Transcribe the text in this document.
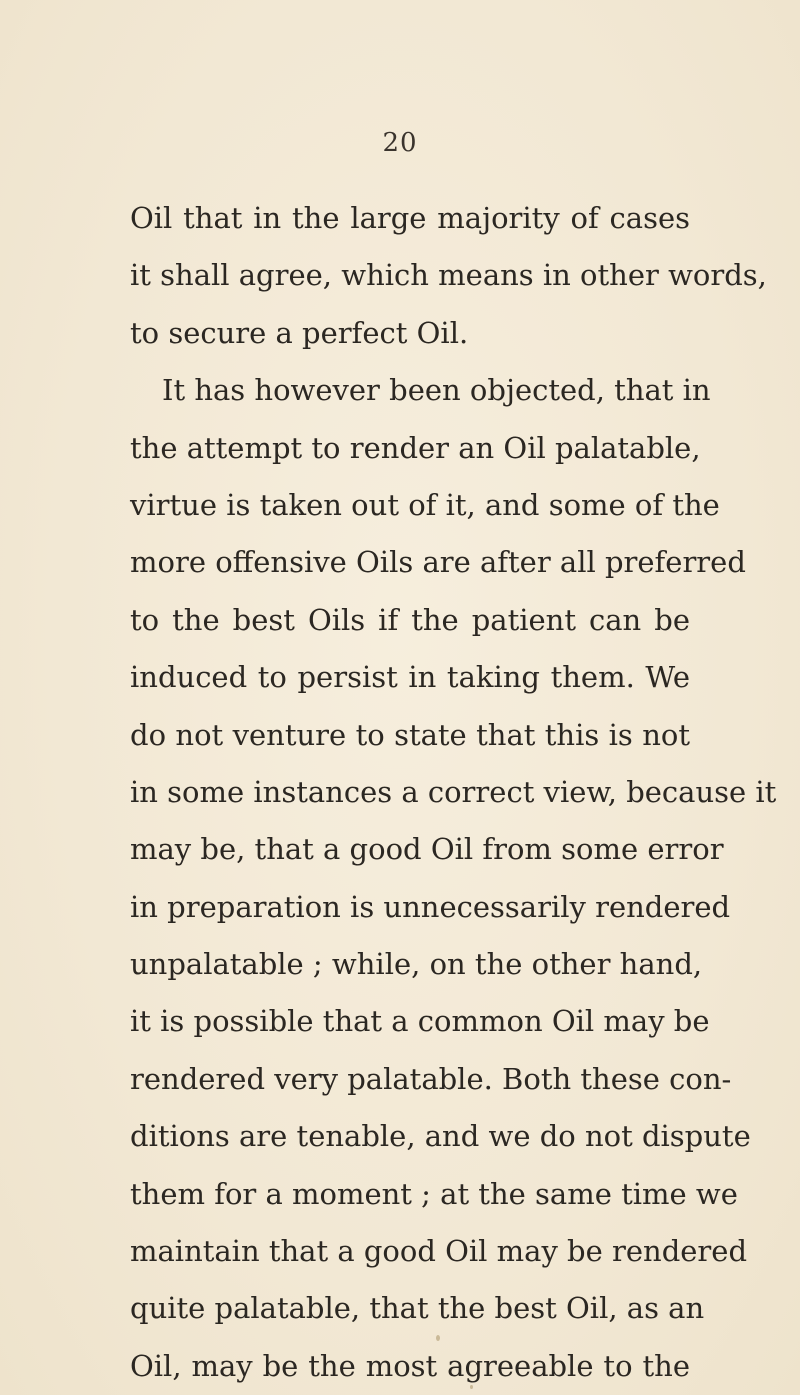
20
Oil that in the large majority of cases
it shall agree, which means in other words,
to secure a perfect Oil.
It has however been objected, that in
the attempt to render an Oil palatable,
virtue is taken out of it, and some of the
more offensive Oils are after all preferred
to the best Oils if the patient can be
induced to persist in taking them. We
do not venture to state that this is not
in some instances a correct view, because it
may be, that a good Oil from some error
in preparation is unnecessarily rendered
unpalatable ; while, on the other hand,
it is possible that a common Oil may be
rendered very palatable. Both these con-
ditions are tenable, and we do not dispute
them for a moment ; at the same time we
maintain that a good Oil may be rendered
quite palatable, that the best Oil, as an
Oil, may be the most agreeable to the
